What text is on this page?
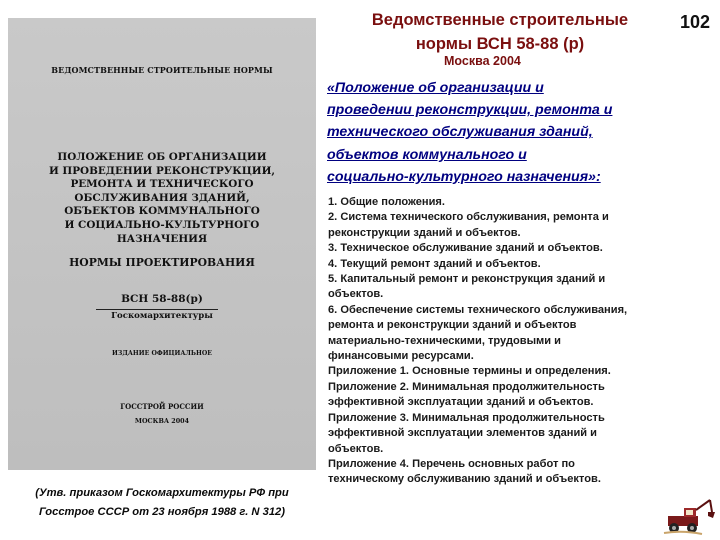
ВЕДОМСТВЕННЫЕ СТРОИТЕЛЬНЫЕ НОРМЫ
ПОЛОЖЕНИЕ ОБ ОРГАНИЗАЦИИ
И ПРОВЕДЕНИИ РЕКОНСТРУКЦИИ,
РЕМОНТА И ТЕХНИЧЕСКОГО
ОБСЛУЖИВАНИЯ ЗДАНИЙ,
ОБЪЕКТОВ КОММУНАЛЬНОГО
И СОЦИАЛЬНО-КУЛЬТУРНОГО
НАЗНАЧЕНИЯ
НОРМЫ ПРОЕКТИРОВАНИЯ
ВСН 58-88(р)
Госкомархитектуры
ИЗДАНИЕ ОФИЦИАЛЬНОЕ
ГОССТРОЙ РОССИИ
МОСКВА 2004
(Утв. приказом Госкомархитектуры РФ при
Госстрое СССР от 23 ноября 1988 г. N 312)
Ведомственные строительные
нормы ВСН 58-88 (р)
102
Москва 2004
«Положение об организации и
проведении реконструкции, ремонта и
технического обслуживания зданий,
объектов коммунального и
социально-культурного назначения»:
1. Общие положения.
2. Система технического обслуживания, ремонта и
реконструкции зданий и объектов.
3. Техническое обслуживание зданий и объектов.
4. Текущий ремонт зданий и объектов.
5. Капитальный ремонт и реконструкция зданий и
объектов.
6. Обеспечение системы технического обслуживания,
ремонта и реконструкции зданий и объектов
материально-техническими, трудовыми и
финансовыми ресурсами.
Приложение 1. Основные термины и определения.
Приложение 2. Минимальная продолжительность
эффективной эксплуатации зданий и объектов.
Приложение 3. Минимальная продолжительность
эффективной эксплуатации элементов зданий и
объектов.
Приложение 4. Перечень основных работ по
техническому обслуживанию зданий и объектов.
